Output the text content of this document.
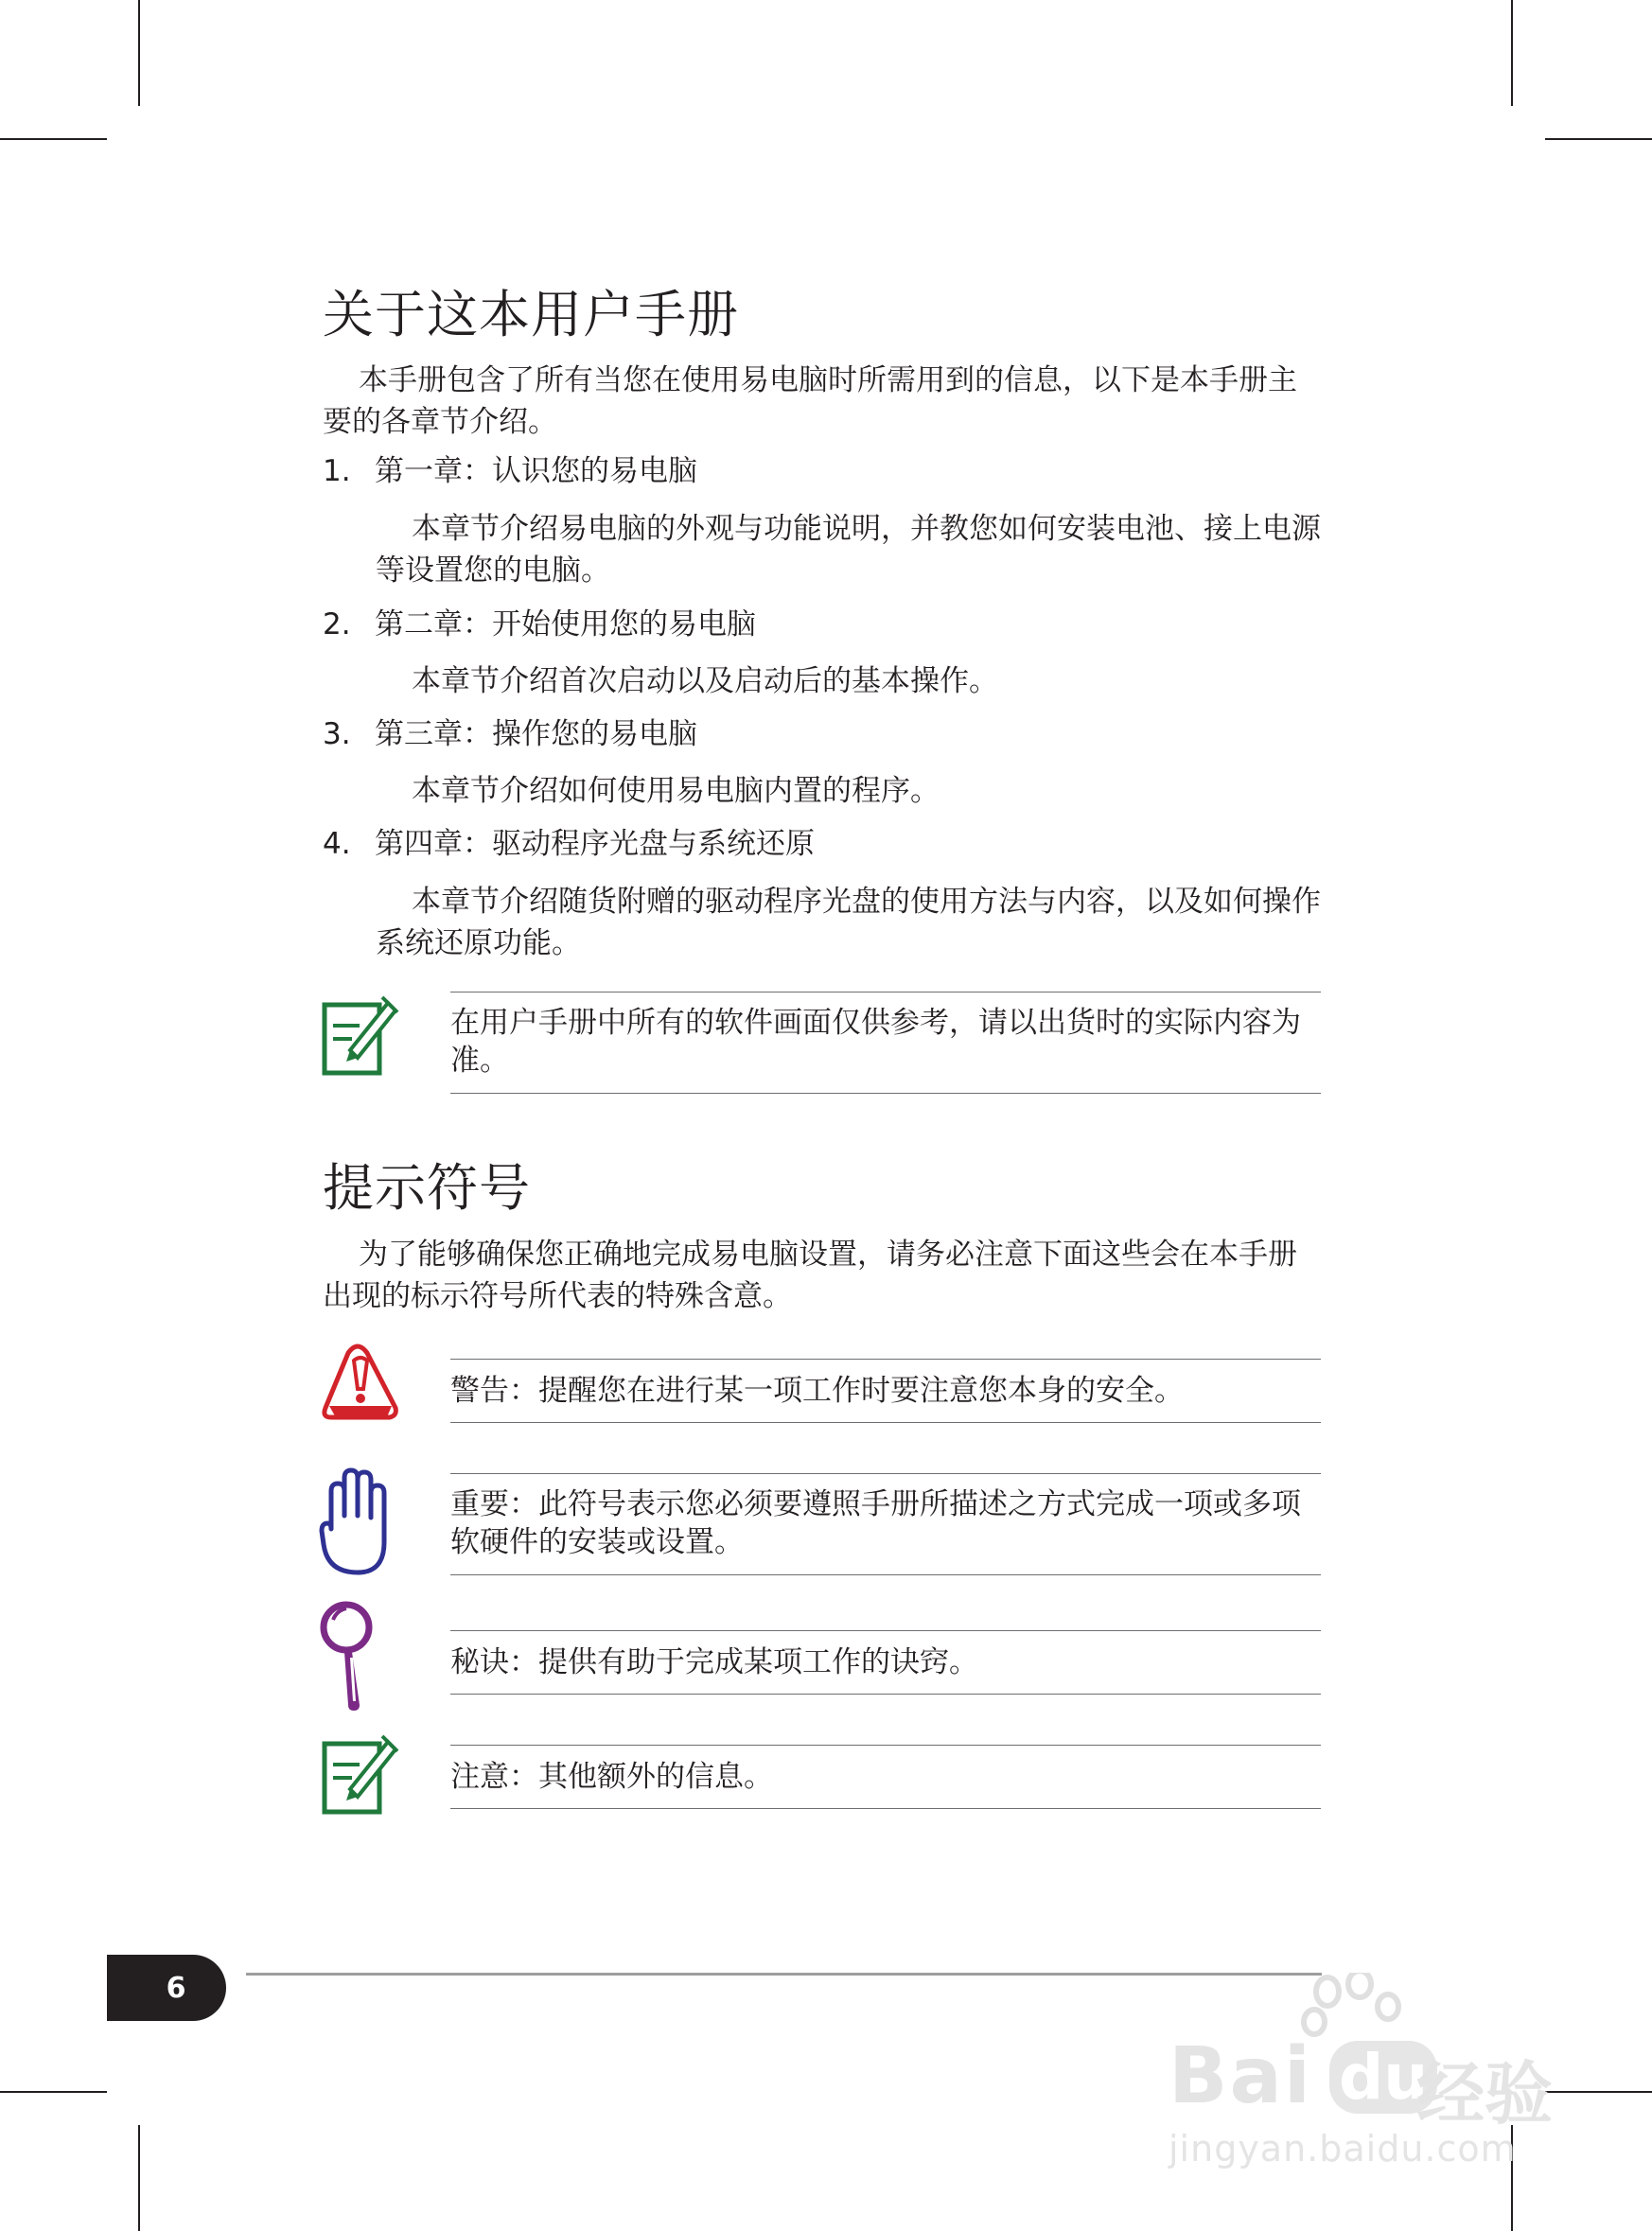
关于这本用户手册

本手册包含了所有当您在使用易电脑时所需用到的信息，以下是本手册主要的各章节介绍。

1. 第一章：认识您的易电脑

本章节介绍易电脑的外观与功能说明，并教您如何安装电池、接上电源等设置您的电脑。

2. 第二章：开始使用您的易电脑

本章节介绍首次启动以及启动后的基本操作。

3. 第三章：操作您的易电脑

本章节介绍如何使用易电脑内置的程序。

4. 第四章：驱动程序光盘与系统还原

本章节介绍随货附赠的驱动程序光盘的使用方法与内容，以及如何操作系统还原功能。

在用户手册中所有的软件画面仅供参考，请以出货时的实际内容为准。

提示符号

为了能够确保您正确地完成易电脑设置，请务必注意下面这些会在本手册出现的标示符号所代表的特殊含意。

警告：提醒您在进行某一项工作时要注意您本身的安全。

重要：此符号表示您必须要遵照手册所描述之方式完成一项或多项软硬件的安装或设置。

秘诀：提供有助于完成某项工作的诀窍。

注意：其他额外的信息。

6
Bai du
经验
jingyan.baidu.com
